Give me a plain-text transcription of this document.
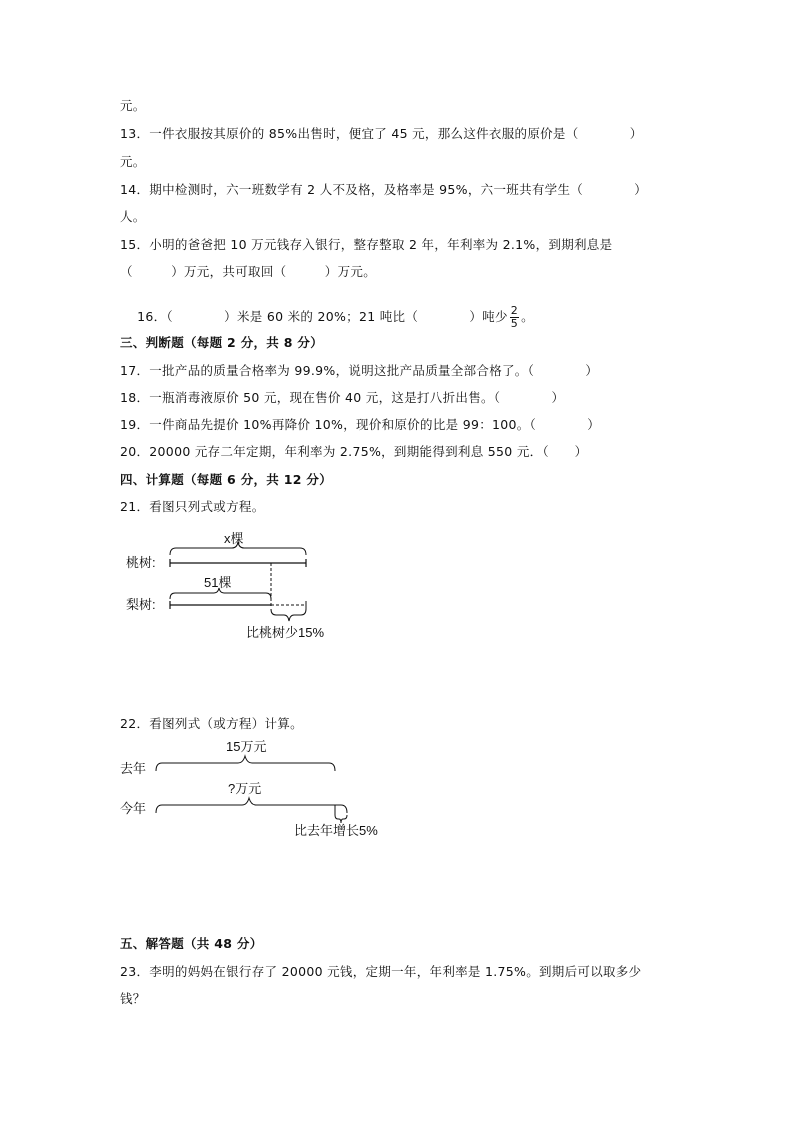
元。
13．一件衣服按其原价的 85%出售时，便宜了 45 元，那么这件衣服的原价是（　　　　）
元。
14．期中检测时，六一班数学有 2 人不及格，及格率是 95%，六一班共有学生（　　　　）
人。
15．小明的爸爸把 10 万元钱存入银行，整存整取 2 年，年利率为 2.1%，到期利息是
（　　　）万元，共可取回（　　　）万元。

16．（　　　　）米是 60 米的 20%；21 吨比（　　　　）吨少 $\frac{2}{5}$ 。

三、判断题（每题 2 分，共 8 分）
17．一批产品的质量合格率为 99.9%，说明这批产品质量全部合格了。（　　　　）
18．一瓶消毒液原价 50 元，现在售价 40 元，这是打八折出售。（　　　　）
19．一件商品先提价 10%再降价 10%，现价和原价的比是 99：100。（　　　　）
20．20000 元存二年定期，年利率为 2.75%，到期能得到利息 550 元．（　　）
四、计算题（每题 6 分，共 12 分）
21．看图只列式或方程。
x棵
桃树:
51棵
梨树:
比桃树少15%
22．看图列式（或方程）计算。
15万元
去年
?万元
今年
比去年增长5%
五、解答题（共 48 分）
23．李明的妈妈在银行存了 20000 元钱，定期一年，年利率是 1.75%。到期后可以取多少
钱？
